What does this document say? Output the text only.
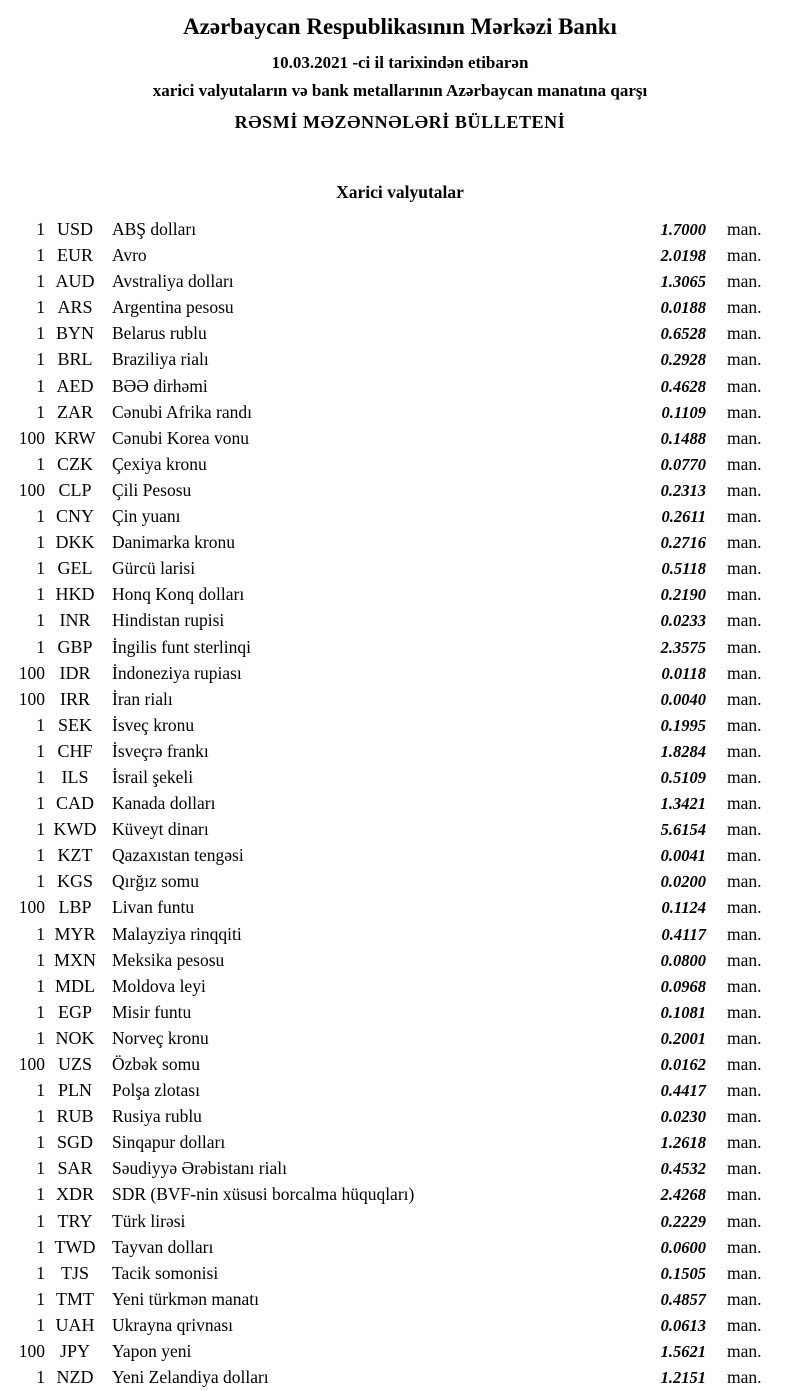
Azərbaycan Respublikasının Mərkəzi Bankı
10.03.2021 -ci il tarixindən etibarən
xarici valyutaların və bank metallarının Azərbaycan manatına qarşı
RƏSMİ MƏZƏNNƏLƏRİ BÜLLETENİ
Xarici valyutalar
1 USD	ABŞ dolları	1.7000	man.
1 EUR	Avro	2.0198	man.
1 AUD	Avstraliya dolları	1.3065	man.
1 ARS	Argentina pesosu	0.0188	man.
1 BYN	Belarus rublu	0.6528	man.
1 BRL	Braziliya rialı	0.2928	man.
1 AED	BƏƏ dirhəmi	0.4628	man.
1 ZAR	Cənubi Afrika randı	0.1109	man.
100 KRW Cənubi Korea vonu	0.1488	man.
1 CZK	Çexiya kronu	0.0770	man.
100 CLP	Çili Pesosu	0.2313	man.
1 CNY	Çin yuanı	0.2611	man.
1 DKK	Danimarka kronu	0.2716	man.
1 GEL	Gürcü larisi	0.5118	man.
1 HKD	Honq Konq dolları	0.2190	man.
1 INR	Hindistan rupisi	0.0233	man.
1 GBP	İngilis funt sterlinqi	2.3575	man.
100 IDR	İndoneziya rupiası	0.0118	man.
100 IRR	İran rialı	0.0040	man.
1 SEK	İsveç kronu	0.1995	man.
1 CHF	İsveçrə frankı	1.8284	man.
1 ILS	İsrail şekeli	0.5109	man.
1 CAD	Kanada dolları	1.3421	man.
1 KWD Küveyt dinarı	5.6154	man.
1 KZT	Qazaxıstan tengəsi	0.0041	man.
1 KGS	Qırğız somu	0.0200	man.
100 LBP	Livan funtu	0.1124	man.
1 MYR Malayziya rinqqiti	0.4117	man.
1 MXN Meksika pesosu	0.0800	man.
1 MDL Moldova leyi	0.0968	man.
1 EGP	Misir funtu	0.1081	man.
1 NOK	Norveç kronu	0.2001	man.
100 UZS	Özbək somu	0.0162	man.
1 PLN	Polşa zlotası	0.4417	man.
1 RUB	Rusiya rublu	0.0230	man.
1 SGD	Sinqapur dolları	1.2618	man.
1 SAR	Səudiyyə Ərəbistanı rialı	0.4532	man.
1 XDR	SDR (BVF-nin xüsusi borcalma hüquqları)	2.4268	man.
1 TRY	Türk lirəsi	0.2229	man.
1 TWD Tayvan dolları	0.0600	man.
1 TJS	Tacik somonisi	0.1505	man.
1 TMT	Yeni türkmən manatı	0.4857	man.
1 UAH	Ukrayna qrivnası	0.0613	man.
100 JPY	Yapon yeni	1.5621	man.
1 NZD	Yeni Zelandiya dolları	1.2151	man.
